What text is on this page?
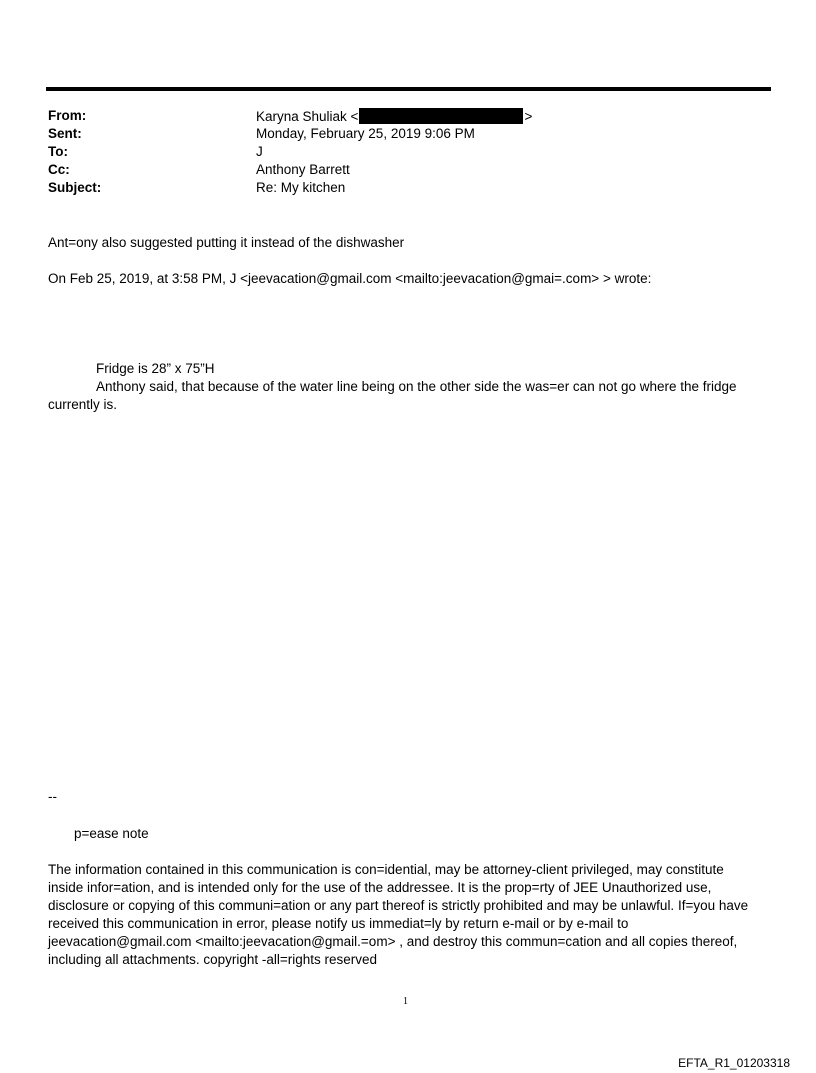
From:	Karyna Shuliak <	>
Sent:	Monday, February 25, 2019 9:06 PM
To:	J
Cc:	Anthony Barrett
Subject:	Re: My kitchen
Ant=ony also suggested putting it instead of the dishwasher
On Feb 25, 2019, at 3:58 PM, J <jeevacation@gmail.com <mailto:jeevacation@gmai=.com> > wrote:
Fridge is 28” x 75”H
Anthony said, that because of the water line being on the other side the was=er can not go where the fridge
currently is.
--
p=ease note
The information contained in this communication is con=idential, may be attorney-client privileged, may constitute
inside infor=ation, and is intended only for the use of the addressee. It is the prop=rty of JEE Unauthorized use,
disclosure or copying of this communi=ation or any part thereof is strictly prohibited and may be unlawful. If=you have
received this communication in error, please notify us immediat=ly by return e-mail or by e-mail to
jeevacation@gmail.com <mailto:jeevacation@gmail.=om> , and destroy this commun=cation and all copies thereof,
including all attachments. copyright -all=rights reserved
1
EFTA_R1_01203318
